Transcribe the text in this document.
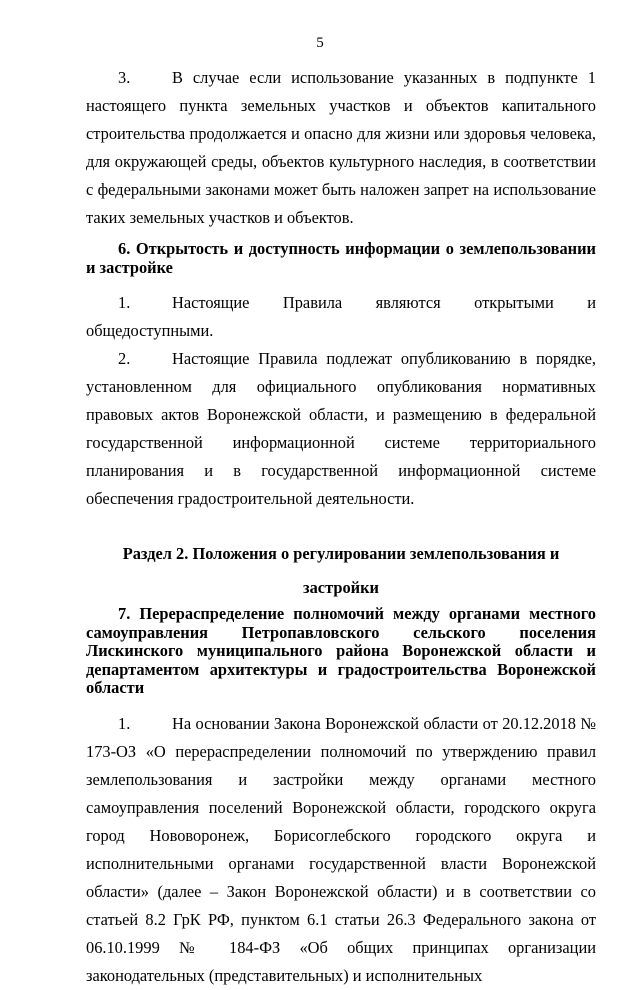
5

3.	В случае если использование указанных в подпункте 1 настоящего пункта земельных участков и объектов капитального строительства продолжается и опасно для жизни или здоровья человека, для окружающей среды, объектов культурного наследия, в соответствии с федеральными законами может быть наложен запрет на использование таких земельных участков и объектов.

6. Открытость и доступность информации о землепользовании и застройке

1.	Настоящие Правила являются открытыми и общедоступными.

2.	Настоящие Правила подлежат опубликованию в порядке, установленном для официального опубликования нормативных правовых актов Воронежской области, и размещению в федеральной государственной информационной системе территориального планирования и в государственной информационной системе обеспечения градостроительной деятельности.

Раздел 2. Положения о регулировании землепользования и

застройки

7. Перераспределение полномочий между органами местного самоуправления Петропавловского сельского поселения Лискинского муниципального района Воронежской области и департаментом архитектуры и градостроительства Воронежской области

1.	На основании Закона Воронежской области от 20.12.2018 № 173-ОЗ «О перераспределении полномочий по утверждению правил землепользования и застройки между органами местного самоуправления поселений Воронежской области, городского округа город Нововоронеж, Борисоглебского городского округа и исполнительными органами государственной власти Воронежской области» (далее – Закон Воронежской области) и в соответствии со статьей 8.2 ГрК РФ, пунктом 6.1 статьи 26.3 Федерального закона от 06.10.1999 № 184-ФЗ «Об общих принципах организации законодательных (представительных) и исполнительных
